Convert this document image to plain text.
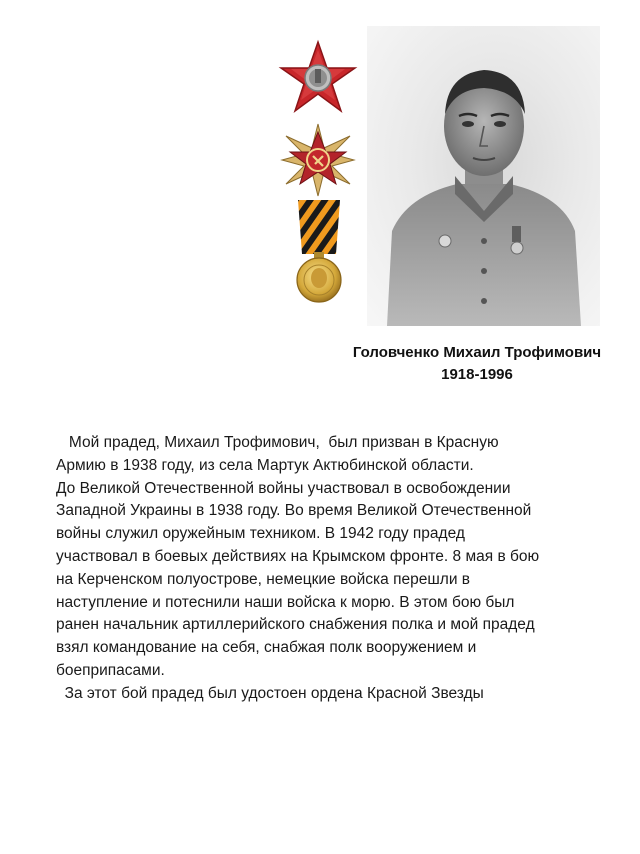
Головченко Михаил Трофимович
1918-1996
Мой прадед, Михаил Трофимович,  был призван в Красную
Армию в 1938 году, из села Мартук Актюбинской области.
До Великой Отечественной войны участвовал в освобождении
Западной Украины в 1938 году. Во время Великой Отечественной
войны служил оружейным техником. В 1942 году прадед
участвовал в боевых действиях на Крымском фронте. 8 мая в бою
на Керченском полуострове, немецкие войска перешли в
наступление и потеснили наши войска к морю. В этом бою был
ранен начальник артиллерийского снабжения полка и мой прадед
взял командование на себя, снабжая полк вооружением и
боеприпасами.
За этот бой прадед был удостоен ордена Красной Звезды
